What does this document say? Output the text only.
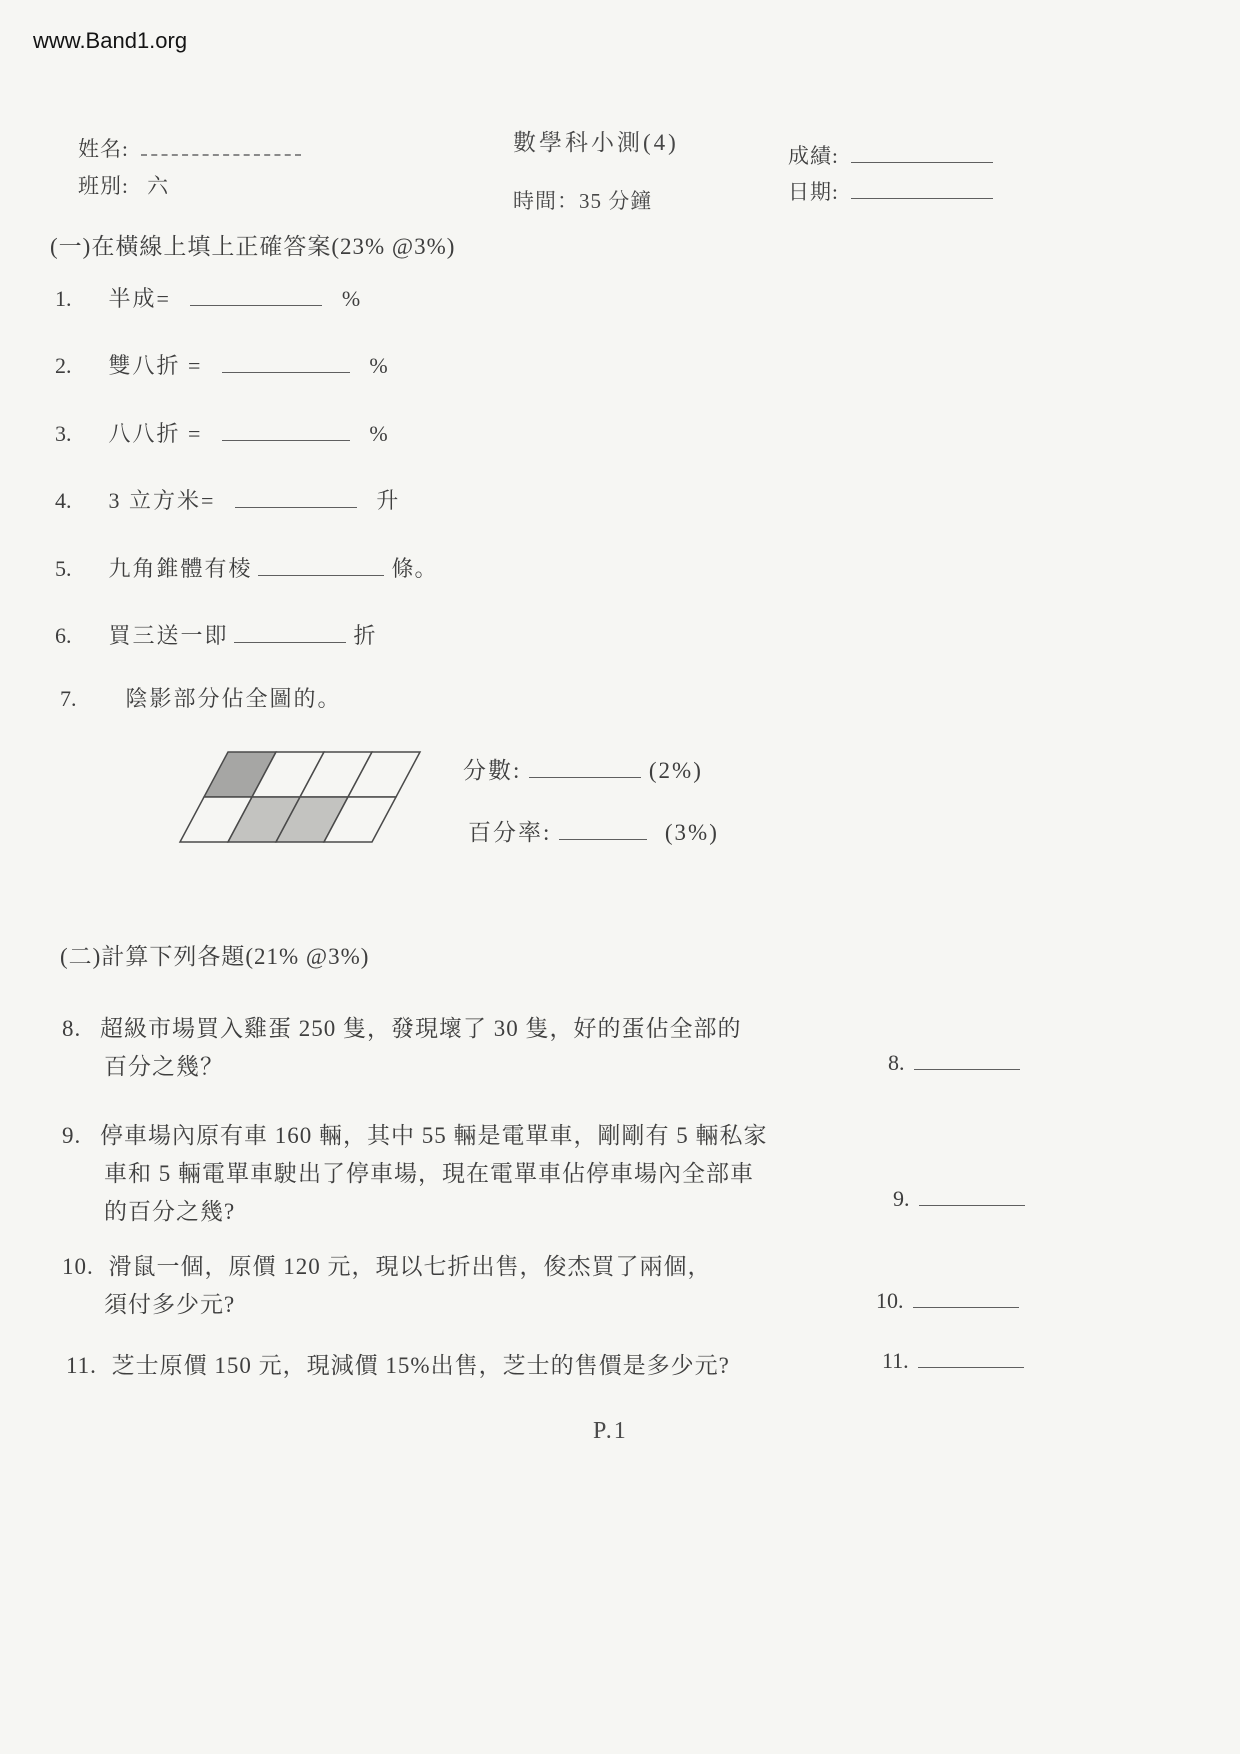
www.Band1.org
姓名:
班別: 六
數學科小測(4)
時間：35 分鐘
成績:
日期:
(一)在橫線上填上正確答案(23% @3%)
1. 半成=	%
2. 雙八折 =	%
3. 八八折 =	%
4. 3 立方米=	升
5. 九角錐體有棱	條。
6. 買三送一即	折
7. 陰影部分佔全圖的。
分數:	(2%)
百分率:	(3%)
(二)計算下列各題(21% @3%)
8. 超級市場買入雞蛋 250 隻，發現壞了 30 隻，好的蛋佔全部的
百分之幾？	8.
9. 停車場內原有車 160 輛，其中 55 輛是電單車，剛剛有 5 輛私家
車和 5 輛電單車駛出了停車場，現在電單車佔停車場內全部車
的百分之幾?
9.
10. 滑鼠一個，原價 120 元，現以七折出售，俊杰買了兩個，
須付多少元?	10.
11. 芝士原價 150 元，現減價 15%出售，芝士的售價是多少元?	11.
P.1
